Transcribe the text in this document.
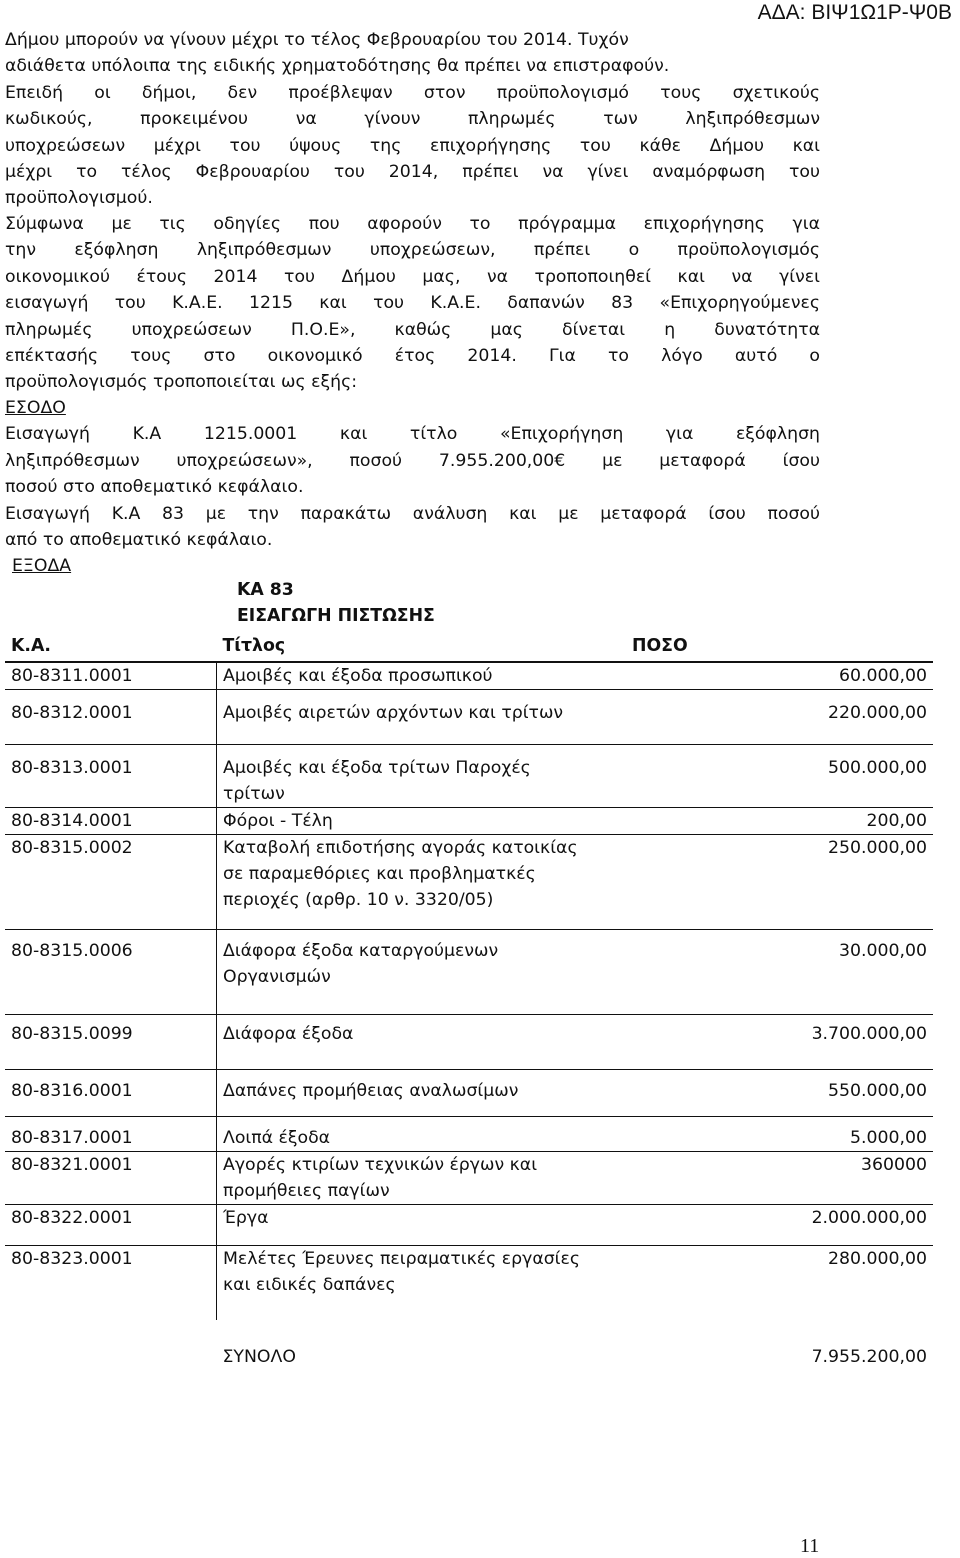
ΑΔΑ: ΒΙΨ1Ω1Ρ-Ψ0Β
Δήμου μπορούν να γίνουν μέχρι το τέλος Φεβρουαρίου του 2014. Τυχόν
αδιάθετα υπόλοιπα της ειδικής χρηματοδότησης θα πρέπει να επιστραφούν.
Επειδή οι δήμοι, δεν προέβλεψαν στον προϋπολογισμό τους σχετικούς
κωδικούς, προκειμένου να γίνουν πληρωμές των ληξιπρόθεσμων
υποχρεώσεων μέχρι του ύψους της επιχορήγησης του κάθε Δήμου και
μέχρι το τέλος Φεβρουαρίου του 2014, πρέπει να γίνει αναμόρφωση του
προϋπολογισμού.
Σύμφωνα με τις οδηγίες που αφορούν το πρόγραμμα επιχορήγησης για
την εξόφληση ληξιπρόθεσμων υποχρεώσεων, πρέπει ο προϋπολογισμός
οικονομικού έτους 2014 του Δήμου μας, να τροποποιηθεί και να γίνει
εισαγωγή του Κ.Α.Ε. 1215 και του Κ.Α.Ε. δαπανών 83 «Επιχορηγούμενες
πληρωμές υποχρεώσεων Π.Ο.Ε», καθώς μας δίνεται η δυνατότητα
επέκτασής τους στο οικονομικό έτος 2014. Για το λόγο αυτό ο
προϋπολογισμός τροποποιείται ως εξής:
ΕΣΟΔΟ
Εισαγωγή Κ.Α 1215.0001 και τίτλο «Επιχορήγηση για εξόφληση
ληξιπρόθεσμων υποχρεώσεων», ποσού 7.955.200,00€ με μεταφορά ίσου
ποσού στο αποθεματικό κεφάλαιο.
Εισαγωγή Κ.Α 83 με την παρακάτω ανάλυση και με μεταφορά ίσου ποσού
από το αποθεματικό κεφάλαιο.
ΕΞΟΔΑ
ΚΑ 83
ΕΙΣΑΓΩΓΗ ΠΙΣΤΩΣΗΣ
Κ.Α.	Τίτλος	ΠΟΣΟ
80-8311.0001	Αμοιβές και έξοδα προσωπικού	60.000,00
80-8312.0001	Αμοιβές αιρετών αρχόντων και τρίτων	220.000,00
80-8313.0001	Αμοιβές και έξοδα τρίτων Παροχές τρίτων	500.000,00
80-8314.0001	Φόροι - Τέλη	200,00
80-8315.0002	Καταβολή επιδοτήσης αγοράς κατοικίας σε παραμεθόριες και προβληματκές περιοχές (αρθρ. 10 ν. 3320/05)	250.000,00
80-8315.0006	Διάφορα έξοδα καταργούμενων Οργανισμών	30.000,00
80-8315.0099	Διάφορα έξοδα	3.700.000,00
80-8316.0001	Δαπάνες προμήθειας αναλωσίμων	550.000,00
80-8317.0001	Λοιπά έξοδα	5.000,00
80-8321.0001	Αγορές κτιρίων τεχνικών έργων και προμήθειες παγίων	360000
80-8322.0001	Έργα	2.000.000,00
80-8323.0001	Μελέτες Έρευνες πειραματικές εργασίες και ειδικές δαπάνες	280.000,00
	ΣΥΝΟΛΟ	7.955.200,00
11
